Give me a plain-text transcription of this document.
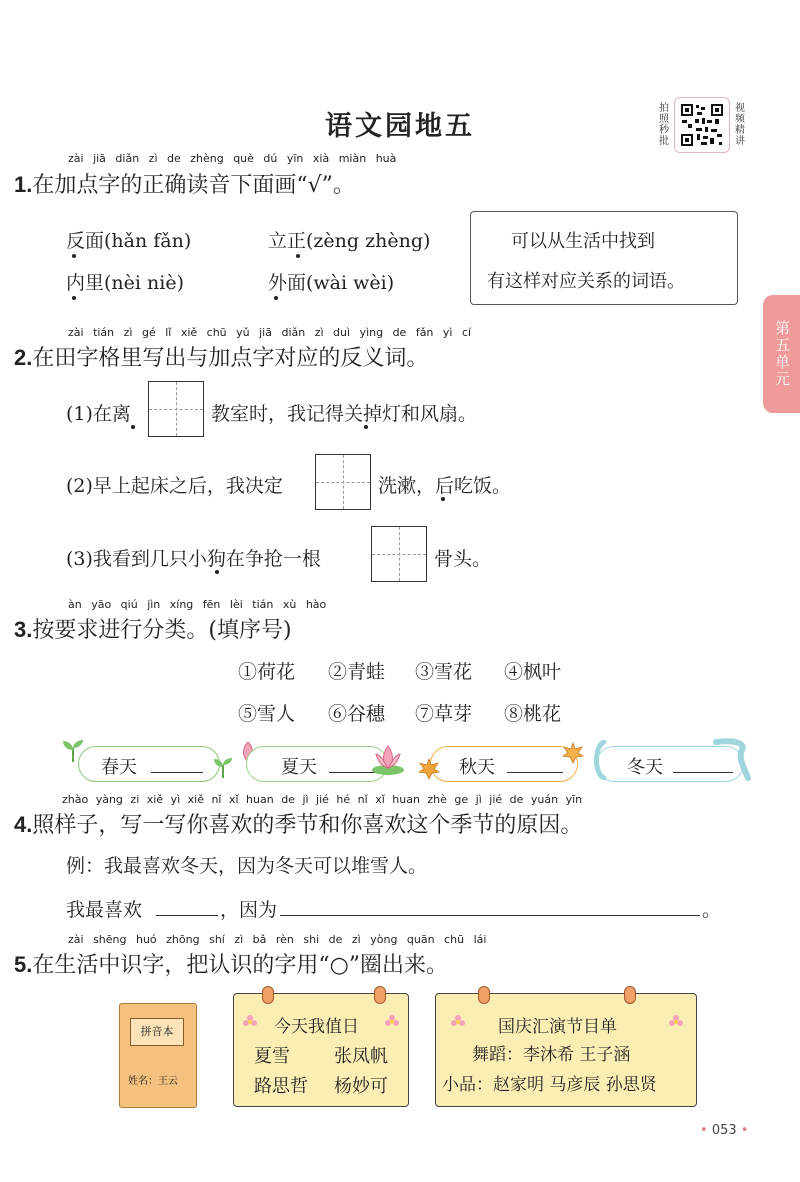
语文园地五
拍照秒批
视频精讲
第五单元
zài jiā diǎn zì de zhèng què dú yīn xià miàn huà
1.在加点字的正确读音下面画“√”。
反面(hǎn fǎn)	立正(zèng zhèng)
内里(nèi niè)	外面(wài wèi)
可以从生活中找到
有这样对应关系的词语。
zài tián zì gé lǐ xiě chū yǔ jiā diǎn zì duì yìng de fǎn yì cí
2.在田字格里写出与加点字对应的反义词。
(1)在离	教室时，我记得关掉灯和风扇。
(2)早上起床之后，我决定	洗漱，后吃饭。
(3)我看到几只小狗在争抢一根	骨头。
àn yāo qiú jìn xíng fēn lèi tián xù hào
3.按要求进行分类。(填序号)
①荷花 ②青蛙 ③雪花 ④枫叶
⑤雪人 ⑥谷穗 ⑦草芽 ⑧桃花
春天	夏天	秋天	冬天
zhào yàng zi xiě yì xiě nǐ xǐ huan de jì jié hé nǐ xǐ huan zhè ge jì jié de yuán yīn
4.照样子，写一写你喜欢的季节和你喜欢这个季节的原因。
例：我最喜欢冬天，因为冬天可以堆雪人。
我最喜欢	，因为	。
zài shēng huó zhōng shí zì bǎ rèn shi de zì yòng quān chū lái
5.在生活中识字，把认识的字用“○”圈出来。
拼音本
姓名：王云
今天我值日
夏雪 张凤帆
路思哲 杨妙可
国庆汇演节目单
舞蹈：李沐希 王子涵
小品：赵家明 马彦辰 孙思贤
• 053 •
